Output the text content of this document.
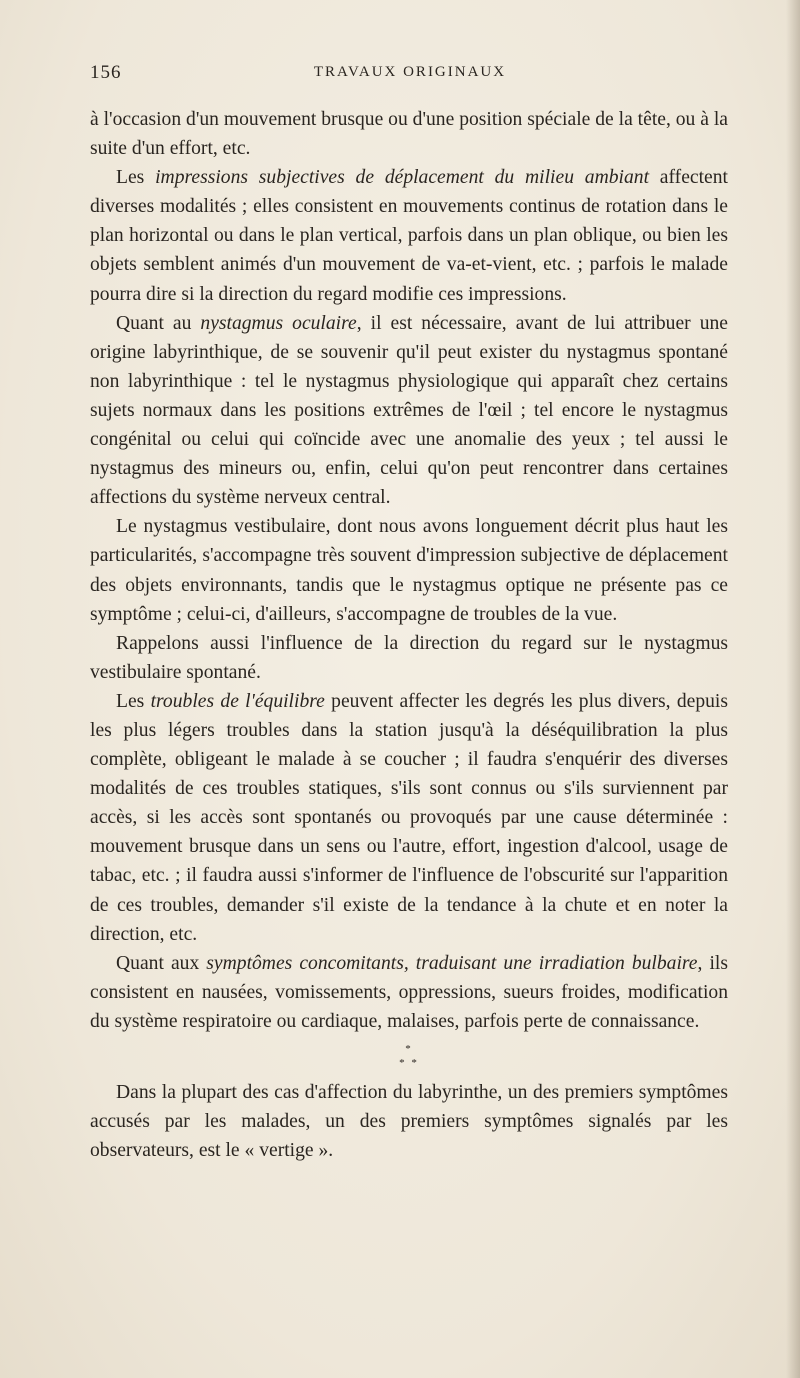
156	TRAVAUX ORIGINAUX

à l'occasion d'un mouvement brusque ou d'une position spéciale de la tête, ou à la suite d'un effort, etc.

Les impressions subjectives de déplacement du milieu ambiant affectent diverses modalités ; elles consistent en mouvements continus de rotation dans le plan horizontal ou dans le plan vertical, parfois dans un plan oblique, ou bien les objets semblent animés d'un mouvement de va-et-vient, etc. ; parfois le malade pourra dire si la direction du regard modifie ces impressions.

Quant au nystagmus oculaire, il est nécessaire, avant de lui attribuer une origine labyrinthique, de se souvenir qu'il peut exister du nystagmus spontané non labyrinthique : tel le nystagmus physiologique qui apparaît chez certains sujets normaux dans les positions extrêmes de l'œil ; tel encore le nystagmus congénital ou celui qui coïncide avec une anomalie des yeux ; tel aussi le nystagmus des mineurs ou, enfin, celui qu'on peut rencontrer dans certaines affections du système nerveux central.

Le nystagmus vestibulaire, dont nous avons longuement décrit plus haut les particularités, s'accompagne très souvent d'impression subjective de déplacement des objets environnants, tandis que le nystagmus optique ne présente pas ce symptôme ; celui-ci, d'ailleurs, s'accompagne de troubles de la vue.

Rappelons aussi l'influence de la direction du regard sur le nystagmus vestibulaire spontané.

Les troubles de l'équilibre peuvent affecter les degrés les plus divers, depuis les plus légers troubles dans la station jusqu'à la déséquilibration la plus complète, obligeant le malade à se coucher ; il faudra s'enquérir des diverses modalités de ces troubles statiques, s'ils sont connus ou s'ils surviennent par accès, si les accès sont spontanés ou provoqués par une cause déterminée : mouvement brusque dans un sens ou l'autre, effort, ingestion d'alcool, usage de tabac, etc. ; il faudra aussi s'informer de l'influence de l'obscurité sur l'apparition de ces troubles, demander s'il existe de la tendance à la chute et en noter la direction, etc.

Quant aux symptômes concomitants, traduisant une irradiation bulbaire, ils consistent en nausées, vomissements, oppressions, sueurs froides, modification du système respiratoire ou cardiaque, malaises, parfois perte de connaissance.

*
* *

Dans la plupart des cas d'affection du labyrinthe, un des premiers symptômes accusés par les malades, un des premiers symptômes signalés par les observateurs, est le « vertige ».
